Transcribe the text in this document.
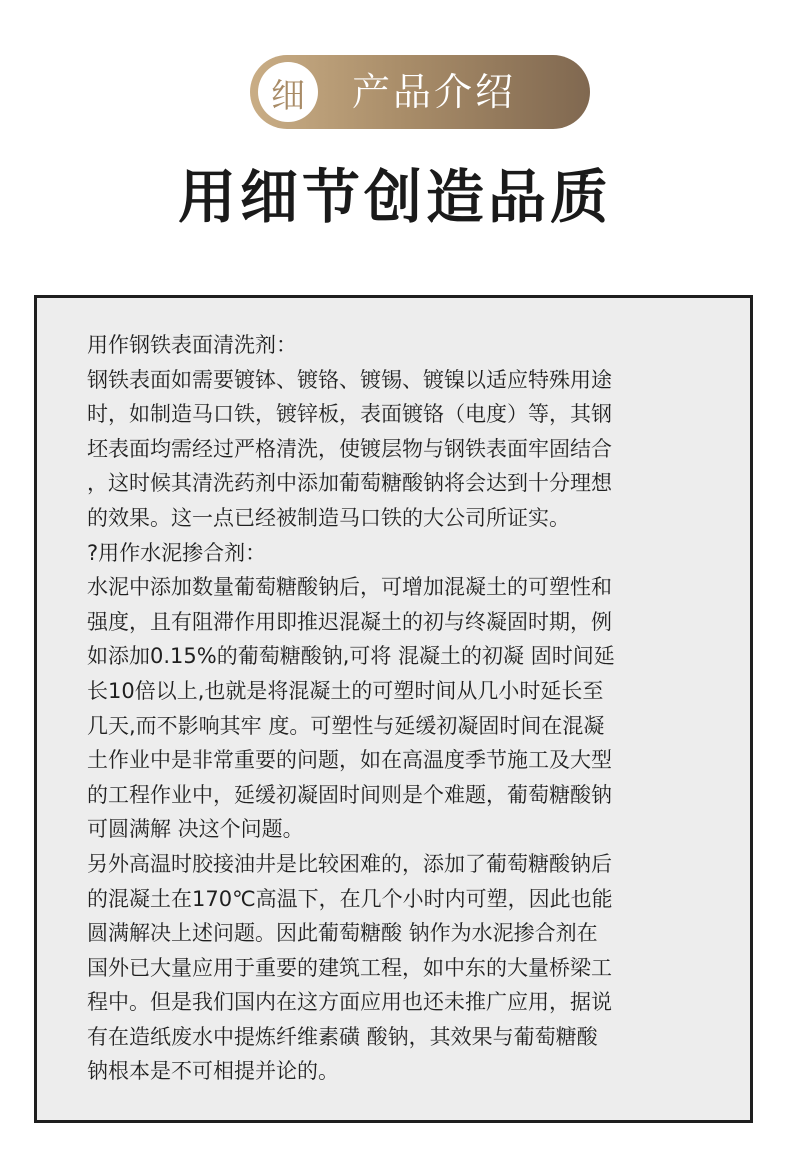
细 产品介绍
用细节创造品质

用作钢铁表面清洗剂：

钢铁表面如需要镀钵、镀铬、镀锡、镀镍以适应特殊用途
时，如制造马口铁，镀锌板，表面镀铬（电度）等，其钢
坯表面均需经过严格清洗，使镀层物与钢铁表面牢固结合
，这时候其清洗药剂中添加葡萄糖酸钠将会达到十分理想
的效果。这一点已经被制造马口铁的大公司所证实。

?用作水泥掺合剂：

水泥中添加数量葡萄糖酸钠后，可增加混凝土的可塑性和
强度，且有阻滞作用即推迟混凝土的初与终凝固时期，例
如添加0.15%的葡萄糖酸钠,可将 混凝土的初凝 固时间延
长10倍以上,也就是将混凝土的可塑时间从几小时延长至
几天,而不影响其牢 度。可塑性与延缓初凝固时间在混凝
土作业中是非常重要的问题，如在高温度季节施工及大型
的工程作业中，延缓初凝固时间则是个难题，葡萄糖酸钠
可圆满解 决这个问题。

另外高温时胶接油井是比较困难的，添加了葡萄糖酸钠后
的混凝土在170℃高温下，在几个小时内可塑，因此也能
圆满解决上述问题。因此葡萄糖酸 钠作为水泥掺合剂在
国外已大量应用于重要的建筑工程，如中东的大量桥梁工
程中。但是我们国内在这方面应用也还未推广应用，据说
有在造纸废水中提炼纤维素磺 酸钠，其效果与葡萄糖酸
钠根本是不可相提并论的。
